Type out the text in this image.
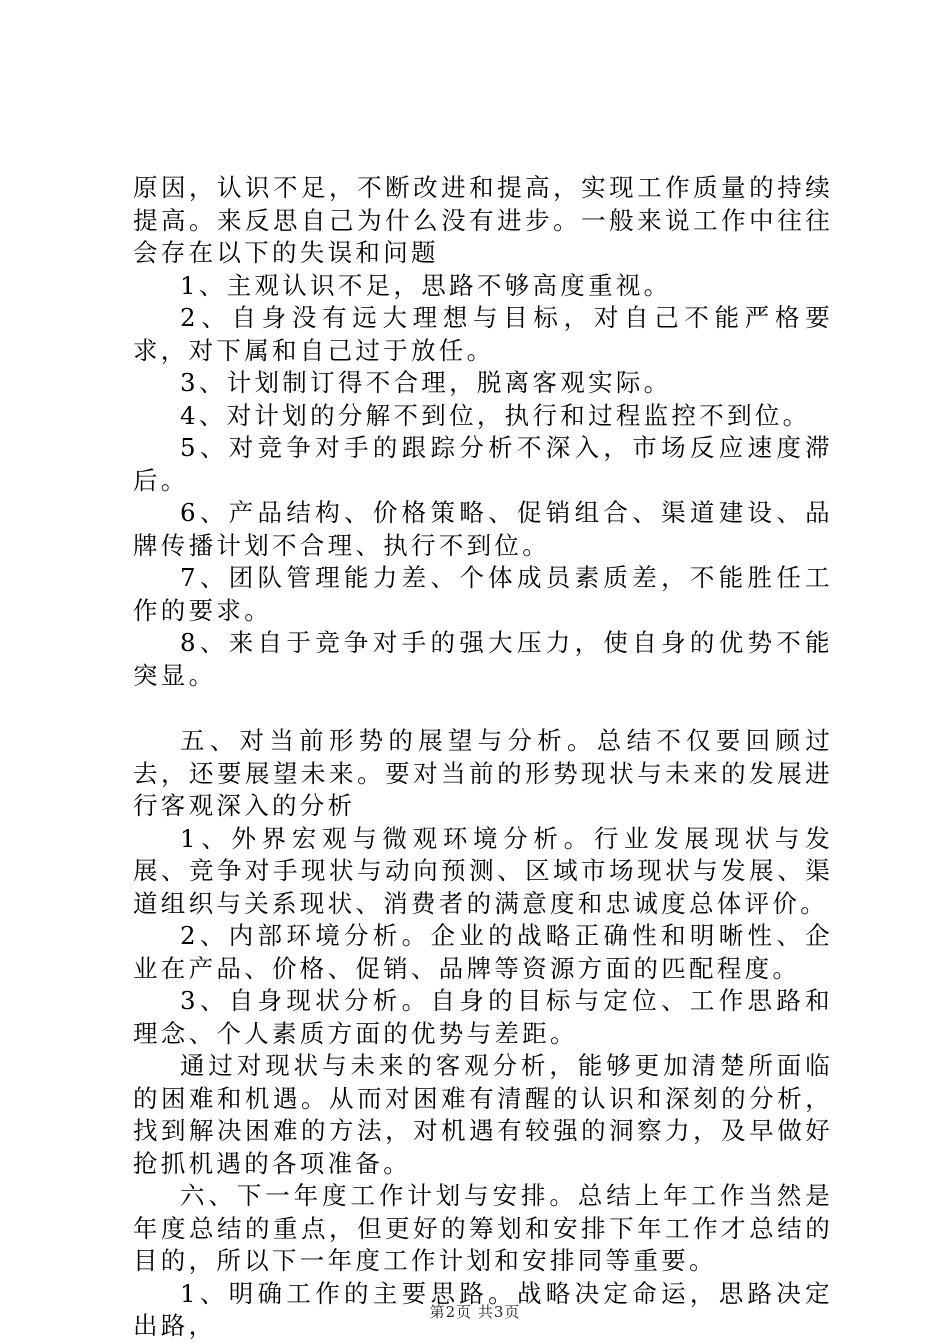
原因，认识不足，不断改进和提高，实现工作质量的持续提高。来反思自己为什么没有进步。一般来说工作中往往会存在以下的失误和问题

1、主观认识不足，思路不够高度重视。

2、自身没有远大理想与目标，对自己不能严格要求，对下属和自己过于放任。

3、计划制订得不合理，脱离客观实际。

4、对计划的分解不到位，执行和过程监控不到位。

5、对竞争对手的跟踪分析不深入，市场反应速度滞后。

6、产品结构、价格策略、促销组合、渠道建设、品牌传播计划不合理、执行不到位。

7、团队管理能力差、个体成员素质差，不能胜任工作的要求。

8、来自于竞争对手的强大压力，使自身的优势不能突显。

五、对当前形势的展望与分析。总结不仅要回顾过去，还要展望未来。要对当前的形势现状与未来的发展进行客观深入的分析

1、外界宏观与微观环境分析。行业发展现状与发展、竞争对手现状与动向预测、区域市场现状与发展、渠道组织与关系现状、消费者的满意度和忠诚度总体评价。

2、内部环境分析。企业的战略正确性和明晰性、企业在产品、价格、促销、品牌等资源方面的匹配程度。

3、自身现状分析。自身的目标与定位、工作思路和理念、个人素质方面的优势与差距。

通过对现状与未来的客观分析，能够更加清楚所面临的困难和机遇。从而对困难有清醒的认识和深刻的分析，找到解决困难的方法，对机遇有较强的洞察力，及早做好抢抓机遇的各项准备。

六、下一年度工作计划与安排。总结上年工作当然是年度总结的重点，但更好的筹划和安排下年工作才总结的目的，所以下一年度工作计划和安排同等重要。

1、明确工作的主要思路。战略决定命运，思路决定出路，	第2页 共3页
